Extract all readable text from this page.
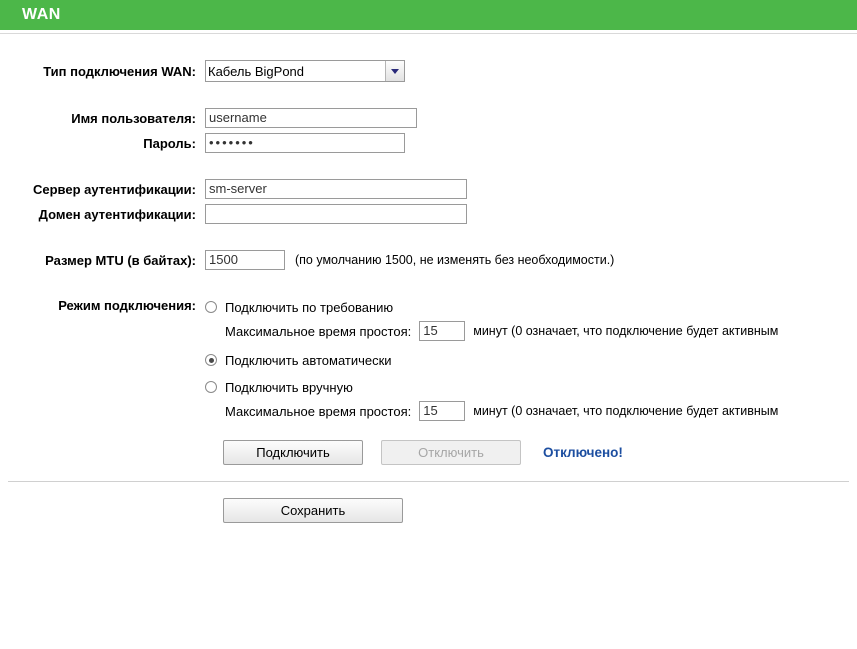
WAN
Тип подключения WAN:
Кабель BigPond
Имя пользователя:
username
Пароль:
•••••••
Сервер аутентификации:
sm-server
Домен аутентификации:
Размер MTU (в байтах):
1500	(по умолчанию 1500, не изменять без необходимости.)
Режим подключения:	Подключить по требованию
Максимальное время простоя:
15	минут (0 означает, что подключение будет активным
Подключить автоматически
Подключить вручную
Максимальное время простоя:
15	минут (0 означает, что подключение будет активным
Подключить	Отключить	Отключено!
Сохранить
